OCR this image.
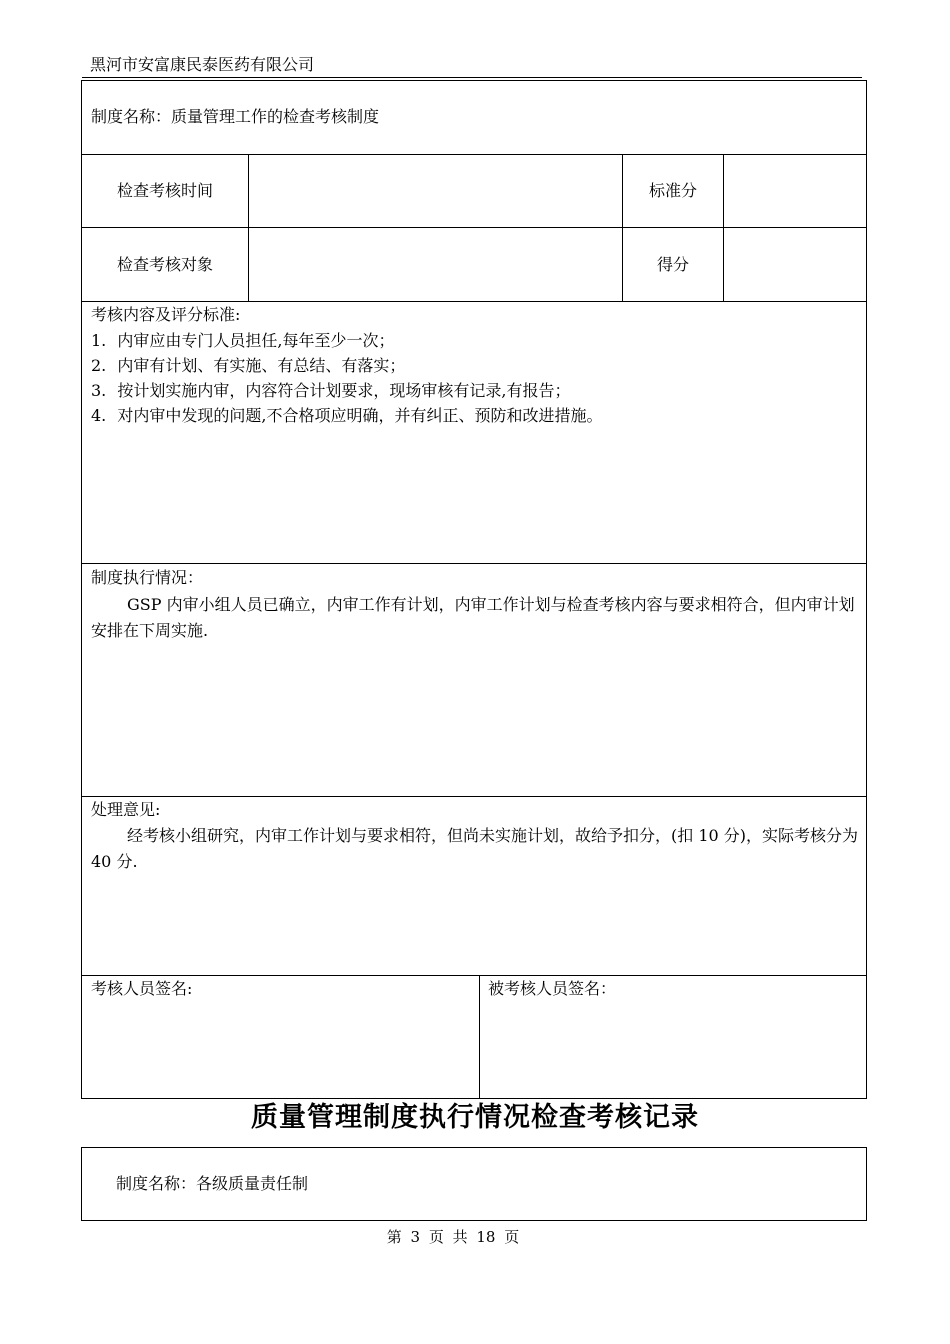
黑河市安富康民泰医药有限公司
制度名称：质量管理工作的检查考核制度
检查考核时间	标准分
检查考核对象	得分
考核内容及评分标准:
1. 内审应由专门人员担任,每年至少一次；
2. 内审有计划、有实施、有总结、有落实；
3. 按计划实施内审，内容符合计划要求，现场审核有记录,有报告；
4. 对内审中发现的问题,不合格项应明确，并有纠正、预防和改进措施。
制度执行情况：
GSP 内审小组人员已确立，内审工作有计划，内审工作计划与检查考核内容与要求相符合，但内审计划安排在下周实施.
处理意见:
经考核小组研究，内审工作计划与要求相符，但尚未实施计划，故给予扣分，(扣 10 分)，实际考核分为 40 分.
考核人员签名:	被考核人员签名：
质量管理制度执行情况检查考核记录
制度名称：各级质量责任制
第 3 页 共 18 页
